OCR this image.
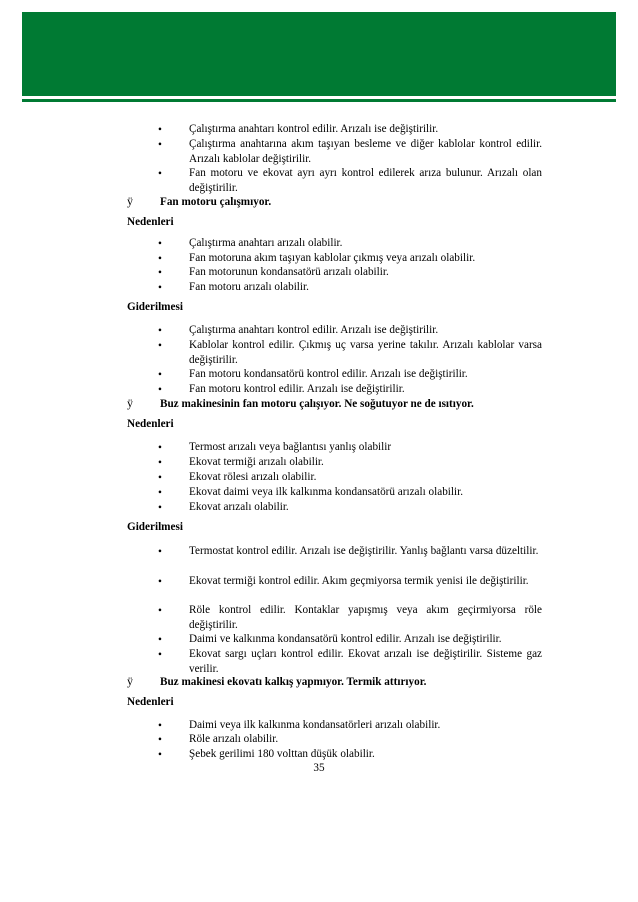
• Çalıştırma anahtarı kontrol edilir. Arızalı ise değiştirilir.
• Çalıştırma anahtarına akım taşıyan besleme ve diğer kablolar kontrol edilir. Arızalı kablolar değiştirilir.
• Fan motoru ve ekovat ayrı ayrı kontrol edilerek arıza bulunur. Arızalı olan değiştirilir.
ÿ Fan motoru çalışmıyor.
Nedenleri
• Çalıştırma anahtarı arızalı olabilir.
• Fan motoruna akım taşıyan kablolar çıkmış veya arızalı olabilir.
• Fan motorunun kondansatörü arızalı olabilir.
• Fan motoru arızalı olabilir.
Giderilmesi
• Çalıştırma anahtarı kontrol edilir. Arızalı ise değiştirilir.
• Kablolar kontrol edilir. Çıkmış uç varsa yerine takılır. Arızalı kablolar varsa değiştirilir.
• Fan motoru kondansatörü kontrol edilir. Arızalı ise değiştirilir.
• Fan motoru kontrol edilir. Arızalı ise değiştirilir.
ÿ Buz makinesinin fan motoru çalışıyor. Ne soğutuyor ne de ısıtıyor.
Nedenleri
• Termost arızalı veya bağlantısı yanlış olabilir
• Ekovat termiği arızalı olabilir.
• Ekovat rölesi arızalı olabilir.
• Ekovat daimi veya ilk kalkınma kondansatörü arızalı olabilir.
• Ekovat arızalı olabilir.
Giderilmesi
• Termostat kontrol edilir. Arızalı ise değiştirilir. Yanlış bağlantı varsa düzeltilir.
• Ekovat termiği kontrol edilir. Akım geçmiyorsa termik yenisi ile değiştirilir.
• Röle kontrol edilir. Kontaklar yapışmış veya akım geçirmiyorsa röle değiştirilir.
• Daimi ve kalkınma kondansatörü kontrol edilir. Arızalı ise değiştirilir.
• Ekovat sargı uçları kontrol edilir. Ekovat arızalı ise değiştirilir. Sisteme gaz verilir.
ÿ Buz makinesi ekovatı kalkış yapmıyor. Termik attırıyor.
Nedenleri
• Daimi veya ilk kalkınma kondansatörleri arızalı olabilir.
• Röle arızalı olabilir.
• Şebek gerilimi 180 volttan düşük olabilir.
35
